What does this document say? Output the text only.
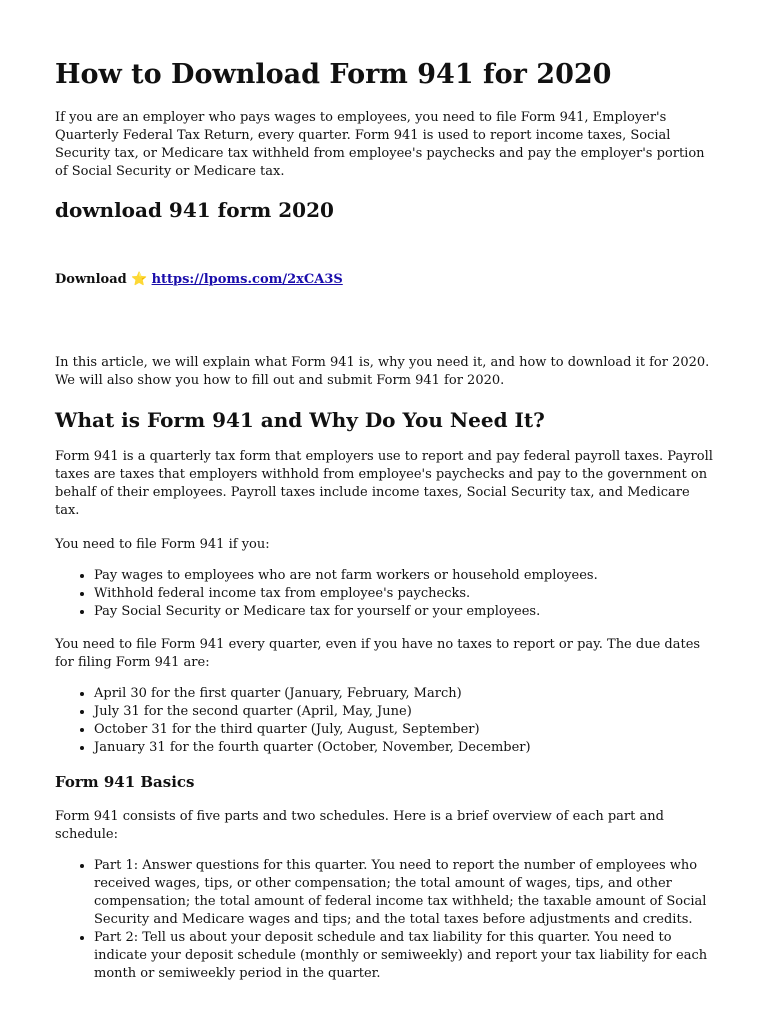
How to Download Form 941 for 2020

If you are an employer who pays wages to employees, you need to file Form 941, Employer's Quarterly Federal Tax Return, every quarter. Form 941 is used to report income taxes, Social Security tax, or Medicare tax withheld from employee's paychecks and pay the employer's portion of Social Security or Medicare tax.

download 941 form 2020
Download ⭐ https://lpoms.com/2xCA3S

In this article, we will explain what Form 941 is, why you need it, and how to download it for 2020. We will also show you how to fill out and submit Form 941 for 2020.

What is Form 941 and Why Do You Need It?

Form 941 is a quarterly tax form that employers use to report and pay federal payroll taxes. Payroll taxes are taxes that employers withhold from employee's paychecks and pay to the government on behalf of their employees. Payroll taxes include income taxes, Social Security tax, and Medicare tax.

You need to file Form 941 if you:

• Pay wages to employees who are not farm workers or household employees.
• Withhold federal income tax from employee's paychecks.
• Pay Social Security or Medicare tax for yourself or your employees.

You need to file Form 941 every quarter, even if you have no taxes to report or pay. The due dates for filing Form 941 are:

• April 30 for the first quarter (January, February, March)
• July 31 for the second quarter (April, May, June)
• October 31 for the third quarter (July, August, September)
• January 31 for the fourth quarter (October, November, December)
Form 941 Basics

Form 941 consists of five parts and two schedules. Here is a brief overview of each part and schedule:

• Part 1: Answer questions for this quarter. You need to report the number of employees who received wages, tips, or other compensation; the total amount of wages, tips, and other compensation; the total amount of federal income tax withheld; the taxable amount of Social Security and Medicare wages and tips; and the total taxes before adjustments and credits.
• Part 2: Tell us about your deposit schedule and tax liability for this quarter. You need to indicate your deposit schedule (monthly or semiweekly) and report your tax liability for each month or semiweekly period in the quarter.
